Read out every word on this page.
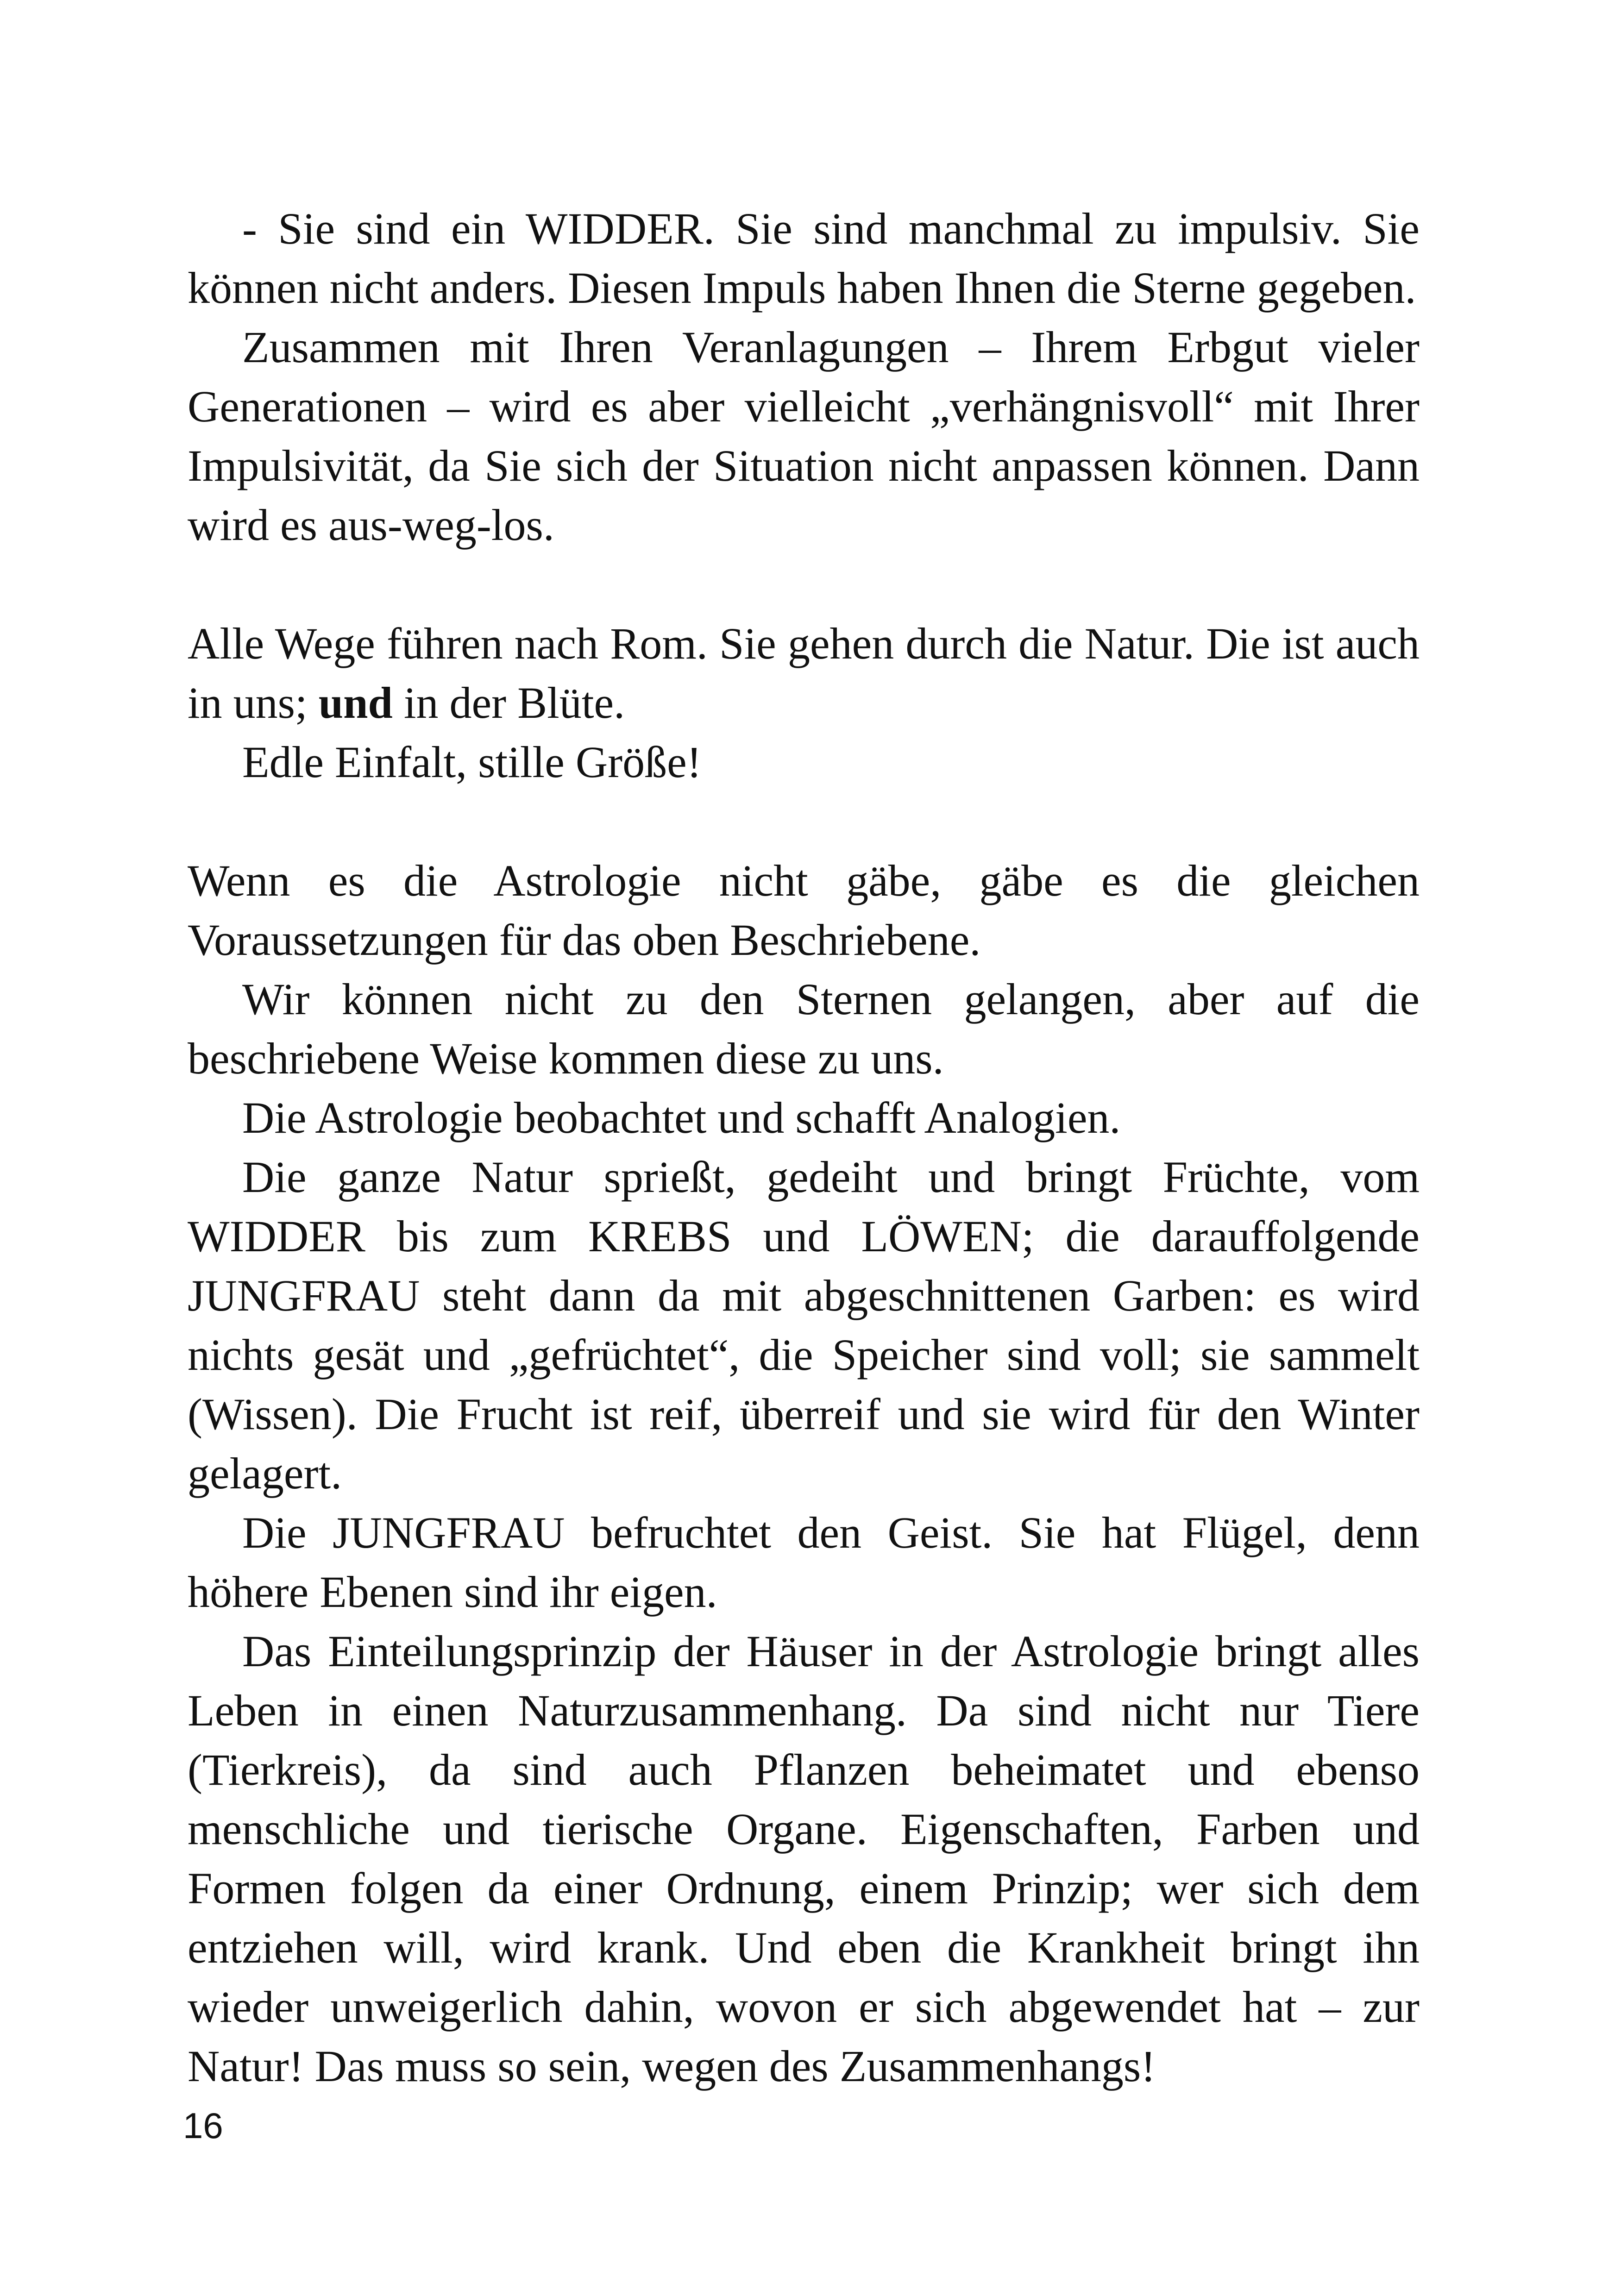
- Sie sind ein WIDDER. Sie sind manchmal zu impulsiv. Sie können nicht anders. Diesen Impuls haben Ihnen die Sterne gegeben.

Zusammen mit Ihren Veranlagungen – Ihrem Erbgut vieler Generationen – wird es aber vielleicht „verhängnisvoll“ mit Ihrer Impulsivität, da Sie sich der Situation nicht anpassen können. Dann wird es aus-weg-los.

Alle Wege führen nach Rom. Sie gehen durch die Natur. Die ist auch in uns; und in der Blüte.

Edle Einfalt, stille Größe!

Wenn es die Astrologie nicht gäbe, gäbe es die gleichen Voraussetzungen für das oben Beschriebene.

Wir können nicht zu den Sternen gelangen, aber auf die beschriebene Weise kommen diese zu uns.

Die Astrologie beobachtet und schafft Analogien.

Die ganze Natur sprießt, gedeiht und bringt Früchte, vom WIDDER bis zum KREBS und LÖWEN; die darauffolgende JUNGFRAU steht dann da mit abgeschnittenen Garben: es wird nichts gesät und „gefrüchtet“, die Speicher sind voll; sie sammelt (Wissen). Die Frucht ist reif, überreif und sie wird für den Winter gelagert.

Die JUNGFRAU befruchtet den Geist. Sie hat Flügel, denn höhere Ebenen sind ihr eigen.

Das Einteilungsprinzip der Häuser in der Astrologie bringt alles Leben in einen Naturzusammenhang. Da sind nicht nur Tiere (Tierkreis), da sind auch Pflanzen beheimatet und ebenso menschliche und tierische Organe. Eigenschaften, Farben und Formen folgen da einer Ordnung, einem Prinzip; wer sich dem entziehen will, wird krank. Und eben die Krankheit bringt ihn wieder unweigerlich dahin, wovon er sich abgewendet hat – zur Natur! Das muss so sein, wegen des Zusammenhangs!

16
